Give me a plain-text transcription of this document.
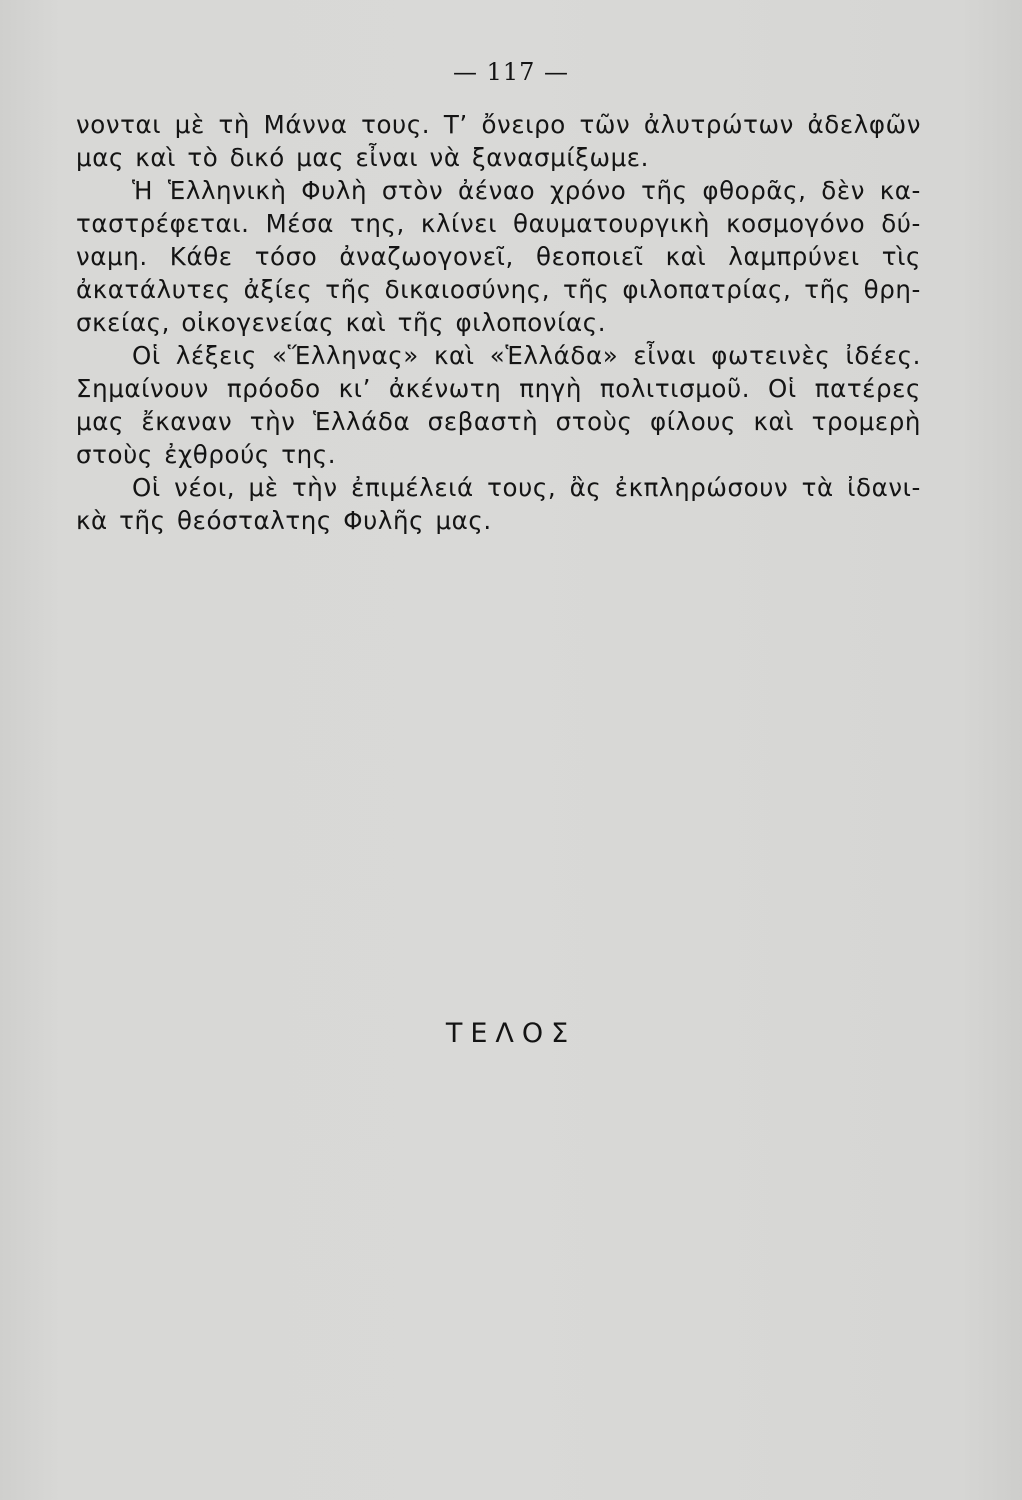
— 117 —
νονται μὲ τὴ Μάννα τους. Τ’ ὄνειρο τῶν ἀλυτρώτων ἀδελφῶν
μας καὶ τὸ δικό μας εἶναι νὰ ξανασμίξωμε.
Ἡ Ἑλληνικὴ Φυλὴ στὸν ἀέναο χρόνο τῆς φθορᾶς, δὲν κα-
ταστρέφεται. Μέσα της, κλίνει θαυματουργικὴ κοσμογόνο δύ-
ναμη. Κάθε τόσο ἀναζωογονεῖ, θεοποιεῖ καὶ λαμπρύνει τὶς
ἀκατάλυτες ἀξίες τῆς δικαιοσύνης, τῆς φιλοπατρίας, τῆς θρη-
σκείας, οἰκογενείας καὶ τῆς φιλοπονίας.
Οἱ λέξεις «Ἕλληνας» καὶ «Ἑλλάδα» εἶναι φωτεινὲς ἰδέες.
Σημαίνουν πρόοδο κι’ ἀκένωτη πηγὴ πολιτισμοῦ. Οἱ πατέρες
μας ἔκαναν τὴν Ἑλλάδα σεβαστὴ στοὺς φίλους καὶ τρομερὴ
στοὺς ἐχθρούς της.
Οἱ νέοι, μὲ τὴν ἐπιμέλειά τους, ἂς ἐκπληρώσουν τὰ ἰδανι-
κὰ τῆς θεόσταλτης Φυλῆς μας.
ΤΕΛΟΣ
